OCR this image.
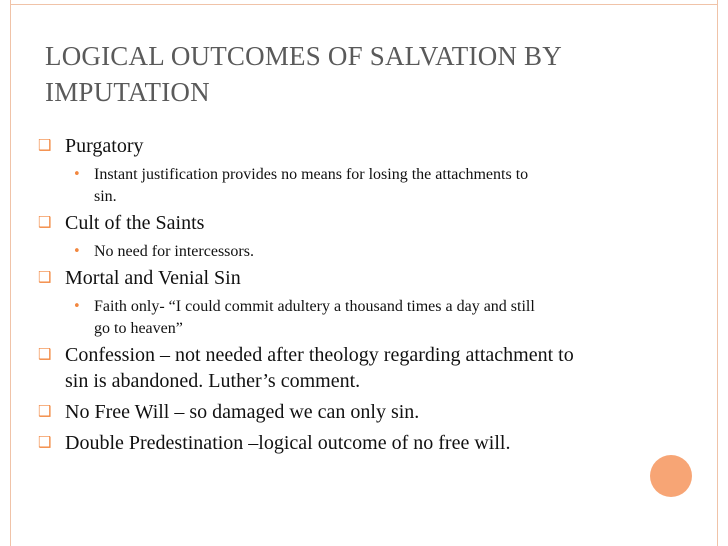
LOGICAL OUTCOMES OF SALVATION BY
IMPUTATION
❑ Purgatory
• Instant justification provides no means for losing the attachments to
sin.
❑ Cult of the Saints
• No need for intercessors.
❑ Mortal and Venial Sin
• Faith only- “I could commit adultery a thousand times a day and still
go to heaven”
❑ Confession – not needed after theology regarding attachment to
sin is abandoned. Luther’s comment.
❑ No Free Will – so damaged we can only sin.
❑ Double Predestination –logical outcome of no free will.
